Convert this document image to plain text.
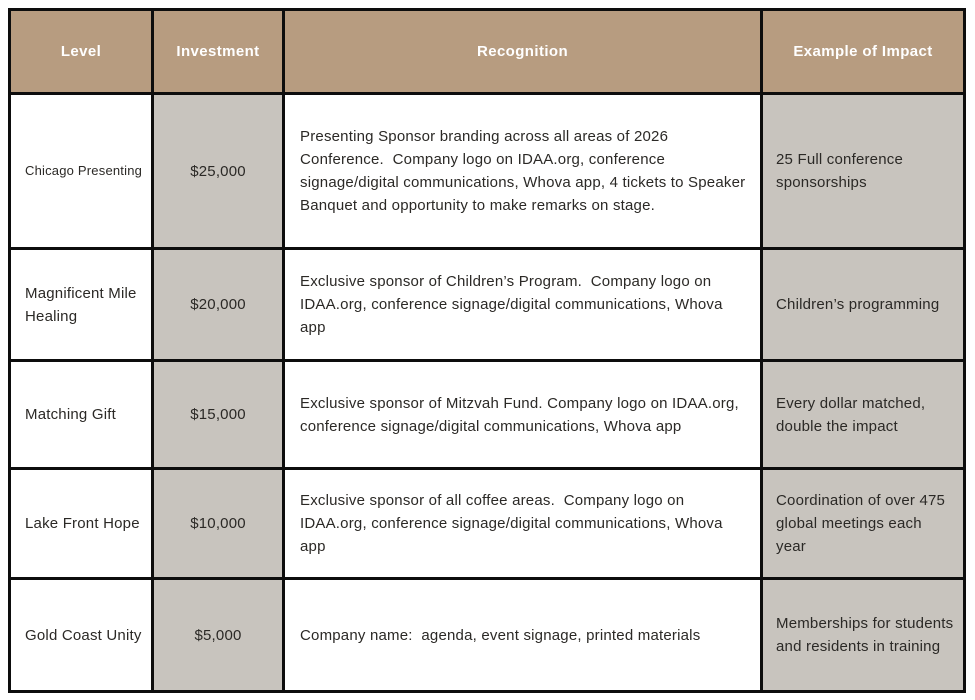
Level	Investment	Recognition	Example of Impact
Chicago Presenting	$25,000	Presenting Sponsor branding across all areas of 2026 Conference.  Company logo on IDAA.org, conference signage/digital communications, Whova app, 4 tickets to Speaker Banquet and opportunity to make remarks on stage.	25 Full conference sponsorships
Magnificent Mile Healing	$20,000	Exclusive sponsor of Children’s Program.  Company logo on IDAA.org, conference signage/digital communications, Whova app	Children’s programming
Matching Gift	$15,000	Exclusive sponsor of Mitzvah Fund. Company logo on IDAA.org, conference signage/digital communications, Whova app	Every dollar matched, double the impact
Lake Front Hope	$10,000	Exclusive sponsor of all coffee areas.  Company logo on IDAA.org, conference signage/digital communications, Whova app	Coordination of over 475 global meetings each year
Gold Coast Unity	$5,000	Company name:  agenda, event signage, printed materials	Memberships for students and residents in training
